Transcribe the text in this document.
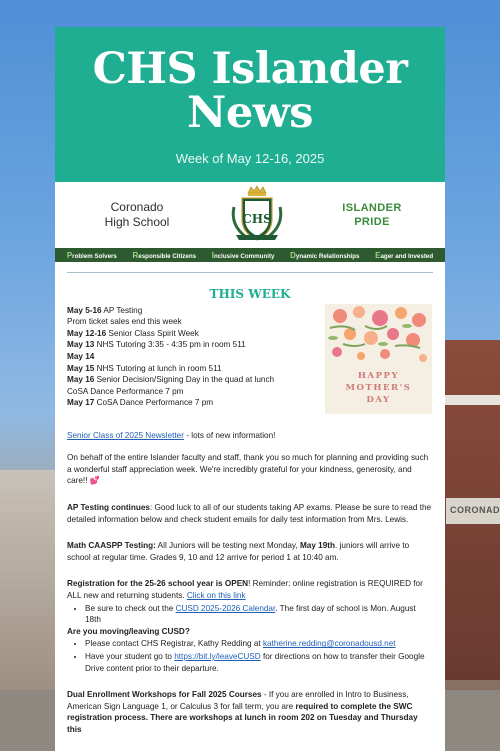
CORONAD
CHS Islander News
Week of May 12-16, 2025
Coronado
High School	CHS
ISLANDER
PRIDE
Problem Solvers Responsible Citizens Inclusive Community Dynamic Relationships Eager and Invested
THIS WEEK
May 5-16 AP Testing
Prom ticket sales end this week
May 12-16 Senior Class Spirit Week
May 13 NHS Tutoring 3:35 - 4:35 pm in room 511
May 14
May 15 NHS Tutoring at lunch in room 511
May 16 Senior Decision/Signing Day in the quad at lunch
CoSA Dance Performance 7 pm
May 17 CoSA Dance Performance 7 pm
HAPPY
MOTHER'S
DAY

Senior Class of 2025 Newsletter - lots of new information!

On behalf of the entire Islander faculty and staff, thank you so much for planning and providing such a wonderful staff appreciation week. We're incredibly grateful for your kindness, generosity, and care!! 💕

AP Testing continues: Good luck to all of our students taking AP exams. Please be sure to read the detailed information below and check student emails for daily test information from Mrs. Lewis.

Math CAASPP Testing: All Juniors will be testing next Monday, May 19th. juniors will arrive to school at regular time. Grades 9, 10 and 12 arrive for period 1 at 10:40 am.

Registration for the 25-26 school year is OPEN! Reminder: online registration is REQUIRED for ALL new and returning students. Click on this link

• Be sure to check out the CUSD 2025-2026 Calendar. The first day of school is Mon. August 18th
Are you moving/leaving CUSD?
• Please contact CHS Registrar, Kathy Redding at katherine.redding@coronadousd.net
• Have your student go to https://bit.ly/leaveCUSD for directions on how to transfer their Google Drive content prior to their departure.

Dual Enrollment Workshops for Fall 2025 Courses - If you are enrolled in Intro to Business, American Sign Language 1, or Calculus 3 for fall term, you are required to complete the SWC registration process. There are workshops at lunch in room 202 on Tuesday and Thursday this
